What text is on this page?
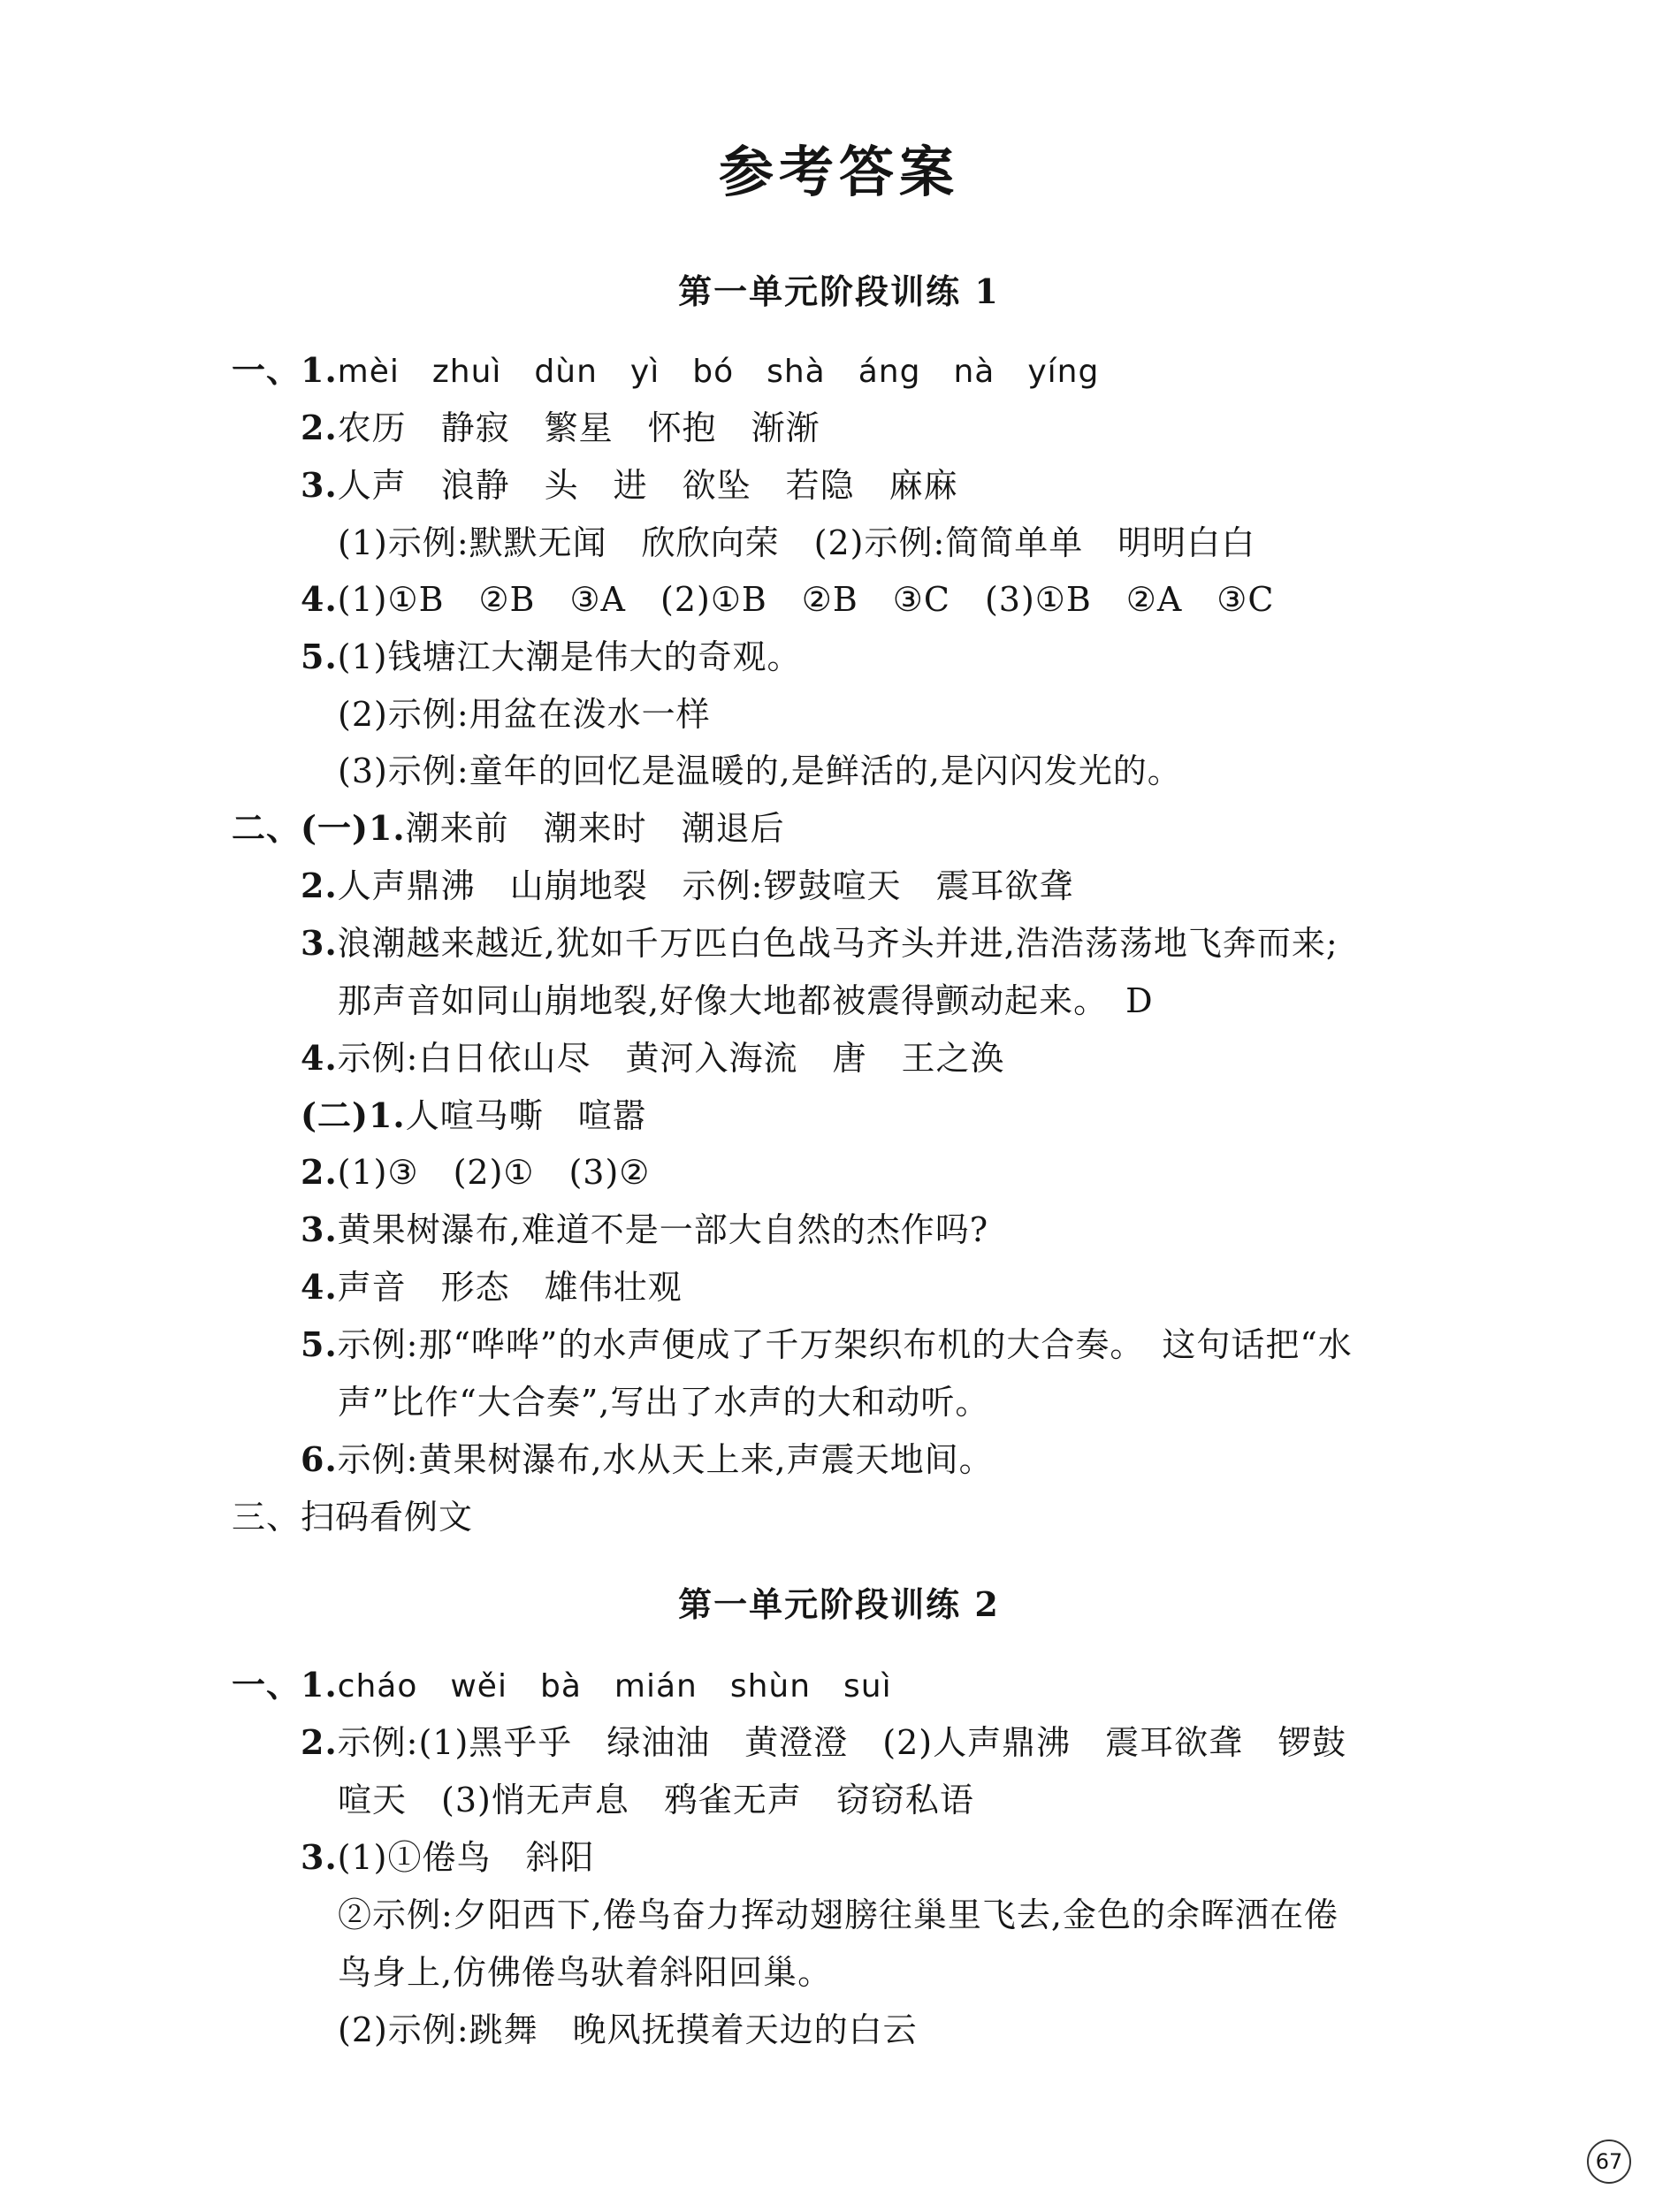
参考答案
第一单元阶段训练 1
一、1.mèi　zhuì　dùn　yì　bó　shà　áng　nà　yíng
2.农历　静寂　繁星　怀抱　渐渐
3.人声　浪静　头　进　欲坠　若隐　麻麻
(1)示例:默默无闻　欣欣向荣　(2)示例:简简单单　明明白白
4.(1)①B　②B　③A　(2)①B　②B　③C　(3)①B　②A　③C
5.(1)钱塘江大潮是伟大的奇观。
(2)示例:用盆在泼水一样
(3)示例:童年的回忆是温暖的,是鲜活的,是闪闪发光的。
二、(一)1.潮来前　潮来时　潮退后
2.人声鼎沸　山崩地裂　示例:锣鼓喧天　震耳欲聋
3.浪潮越来越近,犹如千万匹白色战马齐头并进,浩浩荡荡地飞奔而来;
那声音如同山崩地裂,好像大地都被震得颤动起来。　D
4.示例:白日依山尽　黄河入海流　唐　王之涣
(二)1.人喧马嘶　喧嚣
2.(1)③　(2)①　(3)②
3.黄果树瀑布,难道不是一部大自然的杰作吗?
4.声音　形态　雄伟壮观
5.示例:那“哗哗”的水声便成了千万架织布机的大合奏。　这句话把“水
声”比作“大合奏”,写出了水声的大和动听。
6.示例:黄果树瀑布,水从天上来,声震天地间。
三、扫码看例文
第一单元阶段训练 2
一、1.cháo　wěi　bà　mián　shùn　suì
2.示例:(1)黑乎乎　绿油油　黄澄澄　(2)人声鼎沸　震耳欲聋　锣鼓
喧天　(3)悄无声息　鸦雀无声　窃窃私语
3.(1)①倦鸟　斜阳
②示例:夕阳西下,倦鸟奋力挥动翅膀往巢里飞去,金色的余晖洒在倦
鸟身上,仿佛倦鸟驮着斜阳回巢。
(2)示例:跳舞　晚风抚摸着天边的白云
67
